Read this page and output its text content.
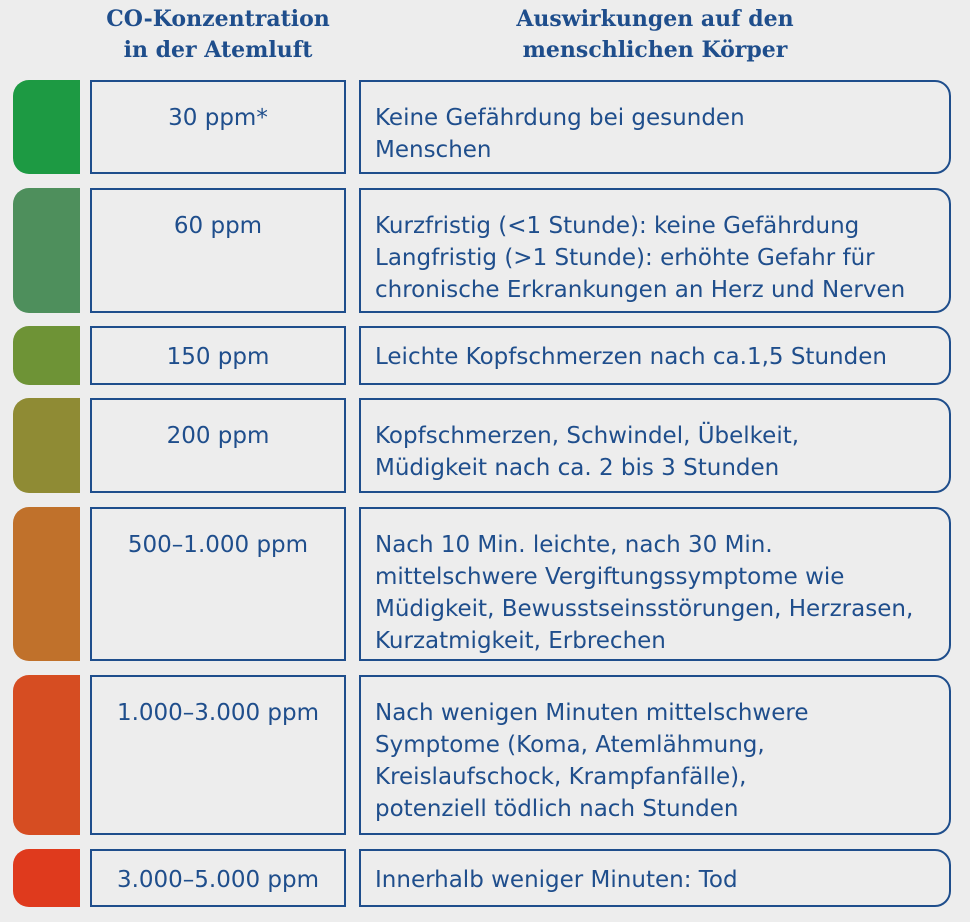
CO-Konzentration
in der Atemluft
Auswirkungen auf den
menschlichen Körper
30 ppm*	Keine Gefährdung bei gesunden
Menschen
60 ppm	Kurzfristig (<1 Stunde): keine Gefährdung
Langfristig (>1 Stunde): erhöhte Gefahr für
chronische Erkrankungen an Herz und Nerven
150 ppm	Leichte Kopfschmerzen nach ca.1,5 Stunden
200 ppm	Kopfschmerzen, Schwindel, Übelkeit,
Müdigkeit nach ca. 2 bis 3 Stunden
500–1.000 ppm	Nach 10 Min. leichte, nach 30 Min.
mittelschwere Vergiftungssymptome wie
Müdigkeit, Bewusstseinsstörungen, Herzrasen,
Kurzatmigkeit, Erbrechen
1.000–3.000 ppm	Nach wenigen Minuten mittelschwere
Symptome (Koma, Atemlähmung,
Kreislaufschock, Krampfanfälle),
potenziell tödlich nach Stunden
3.000–5.000 ppm	Innerhalb weniger Minuten: Tod
